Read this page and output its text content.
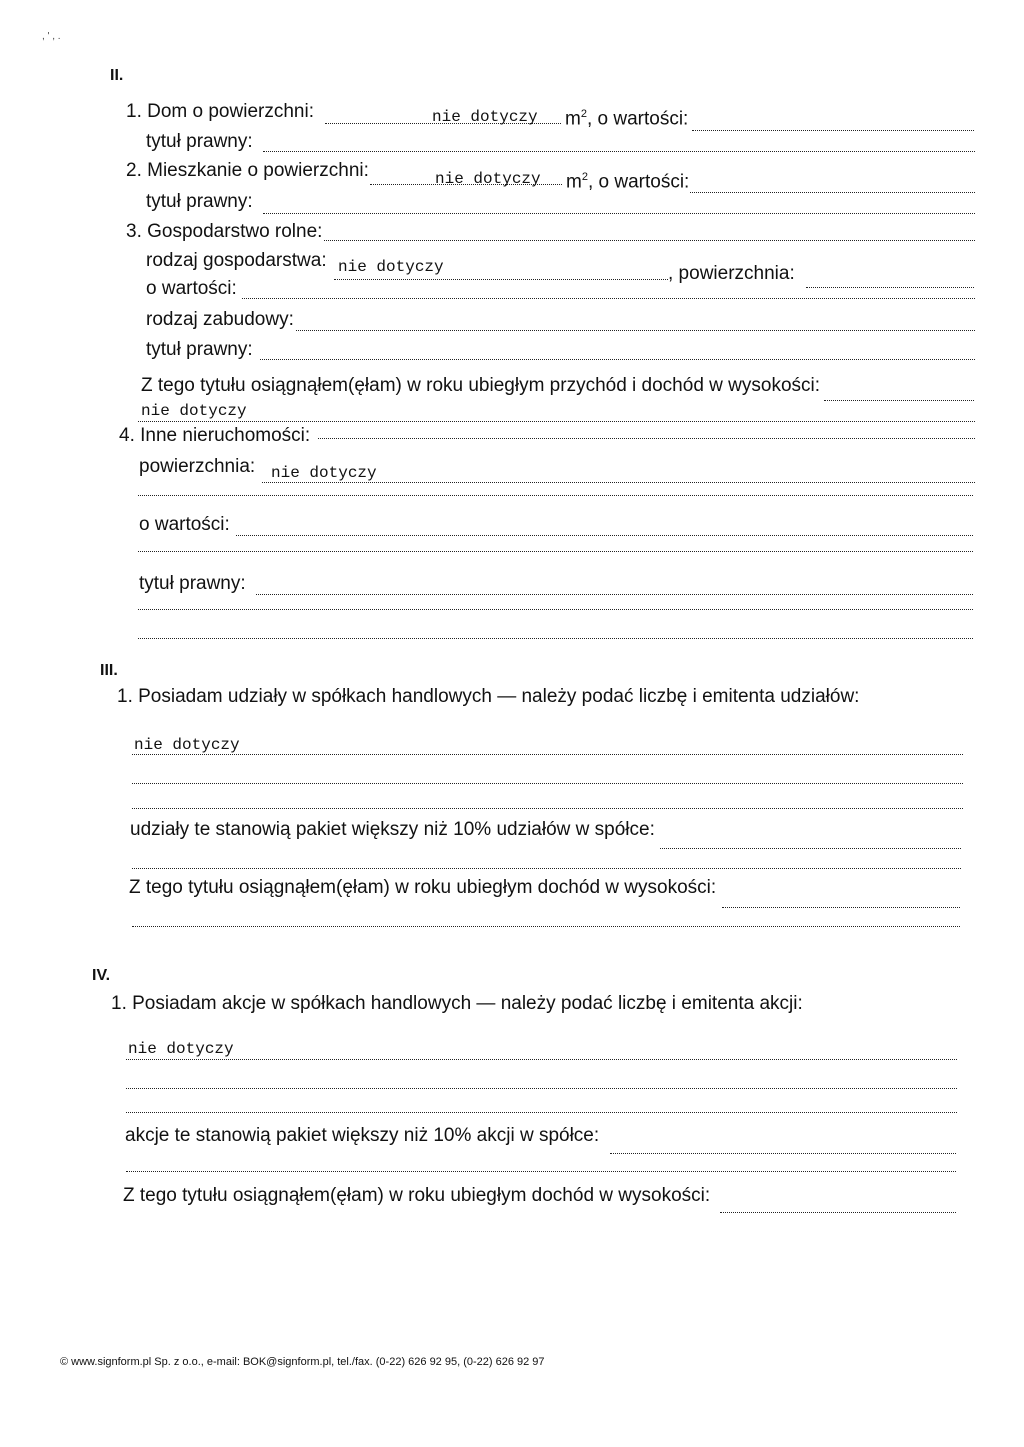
, ' , .
II.
1. Dom o powierzchni:	nie dotyczy $m^2$, o wartości:
tytuł prawny:
2. Mieszkanie o powierzchni:	nie dotyczy $m^2$, o wartości:
tytuł prawny:
3. Gospodarstwo rolne:
rodzaj gospodarstwa: nie dotyczy	, powierzchnia:
o wartości:
rodzaj zabudowy:
tytuł prawny:
Z tego tytułu osiągnąłem(ęłam) w roku ubiegłym przychód i dochód w wysokości:
nie dotyczy
4. Inne nieruchomości:
powierzchnia: nie dotyczy
o wartości:
tytuł prawny:
III.
1. Posiadam udziały w spółkach handlowych — należy podać liczbę i emitenta udziałów:
nie dotyczy
udziały te stanowią pakiet większy niż 10% udziałów w spółce:
Z tego tytułu osiągnąłem(ęłam) w roku ubiegłym dochód w wysokości:
IV.
1. Posiadam akcje w spółkach handlowych — należy podać liczbę i emitenta akcji:
nie dotyczy
akcje te stanowią pakiet większy niż 10% akcji w spółce:
Z tego tytułu osiągnąłem(ęłam) w roku ubiegłym dochód w wysokości:
© www.signform.pl Sp. z o.o., e-mail: BOK@signform.pl, tel./fax. (0-22) 626 92 95, (0-22) 626 92 97
